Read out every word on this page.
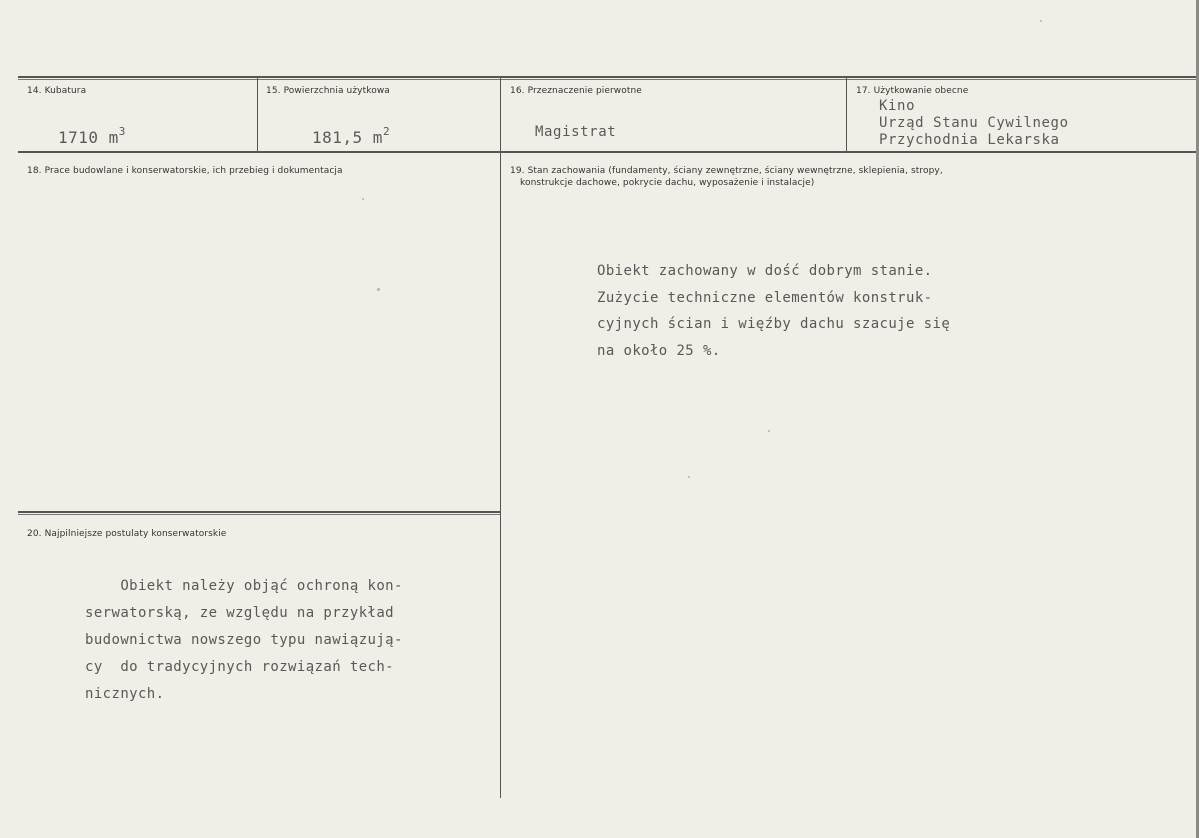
14. Kubatura
1710 $m^3$
15. Powierzchnia użytkowa
181,5 $m^2$
16. Przeznaczenie pierwotne
Magistrat
17. Użytkowanie obecne
Kino
Urząd Stanu Cywilnego
Przychodnia Lekarska
18. Prace budowlane i konserwatorskie, ich przebieg i dokumentacja	19. Stan zachowania (fundamenty, ściany zewnętrzne, ściany wewnętrzne, sklepienia, stropy,
konstrukcje dachowe, pokrycie dachu, wyposażenie i instalacje)
Obiekt zachowany w dość dobrym stanie.
Zużycie techniczne elementów konstruk-
cyjnych ścian i więźby dachu szacuje się
na około 25 %.
20. Najpilniejsze postulaty konserwatorskie
Obiekt należy objąć ochroną kon-
serwatorską, ze względu na przykład
budownictwa nowszego typu nawiązują-
cy  do tradycyjnych rozwiązań tech-
nicznych.
